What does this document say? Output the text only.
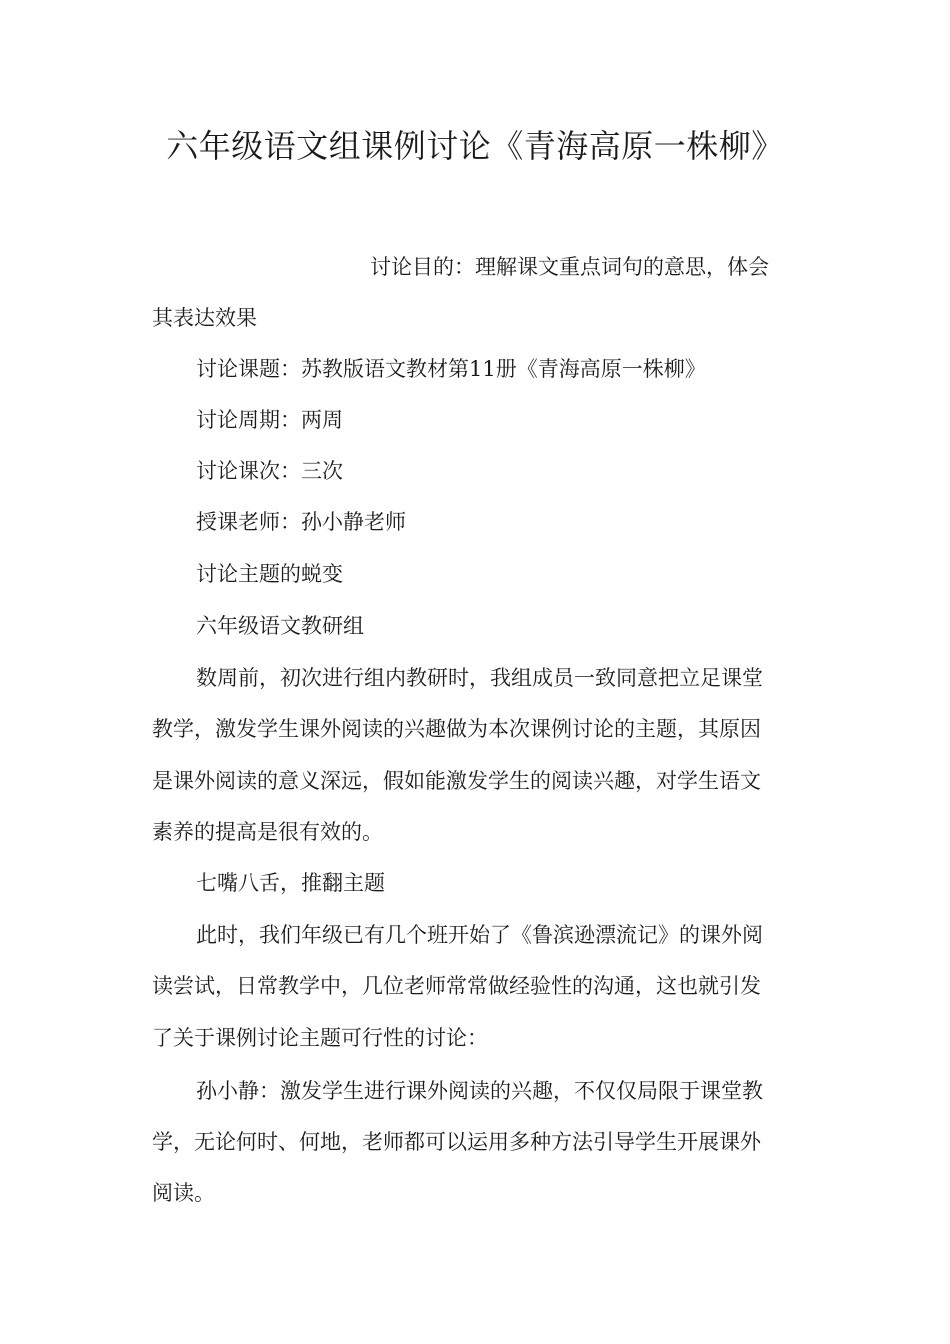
六年级语文组课例讨论《青海高原一株柳》
讨论目的：理解课文重点词句的意思，体会
其表达效果
讨论课题：苏教版语文教材第11册《青海高原一株柳》
讨论周期：两周
讨论课次：三次
授课老师：孙小静老师
讨论主题的蜕变
六年级语文教研组
数周前，初次进行组内教研时，我组成员一致同意把立足课堂
教学，激发学生课外阅读的兴趣做为本次课例讨论的主题，其原因
是课外阅读的意义深远，假如能激发学生的阅读兴趣，对学生语文
素养的提高是很有效的。
七嘴八舌，推翻主题
此时，我们年级已有几个班开始了《鲁滨逊漂流记》的课外阅
读尝试，日常教学中，几位老师常常做经验性的沟通，这也就引发
了关于课例讨论主题可行性的讨论：
孙小静：激发学生进行课外阅读的兴趣，不仅仅局限于课堂教
学，无论何时、何地，老师都可以运用多种方法引导学生开展课外
阅读。
